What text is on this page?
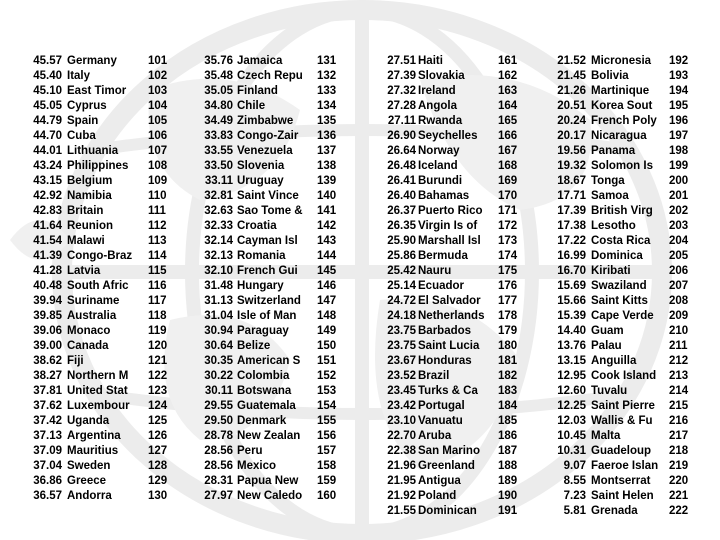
45.57 Germany	101
45.40 Italy	102
45.10 East Timor	103
45.05 Cyprus	104
44.79 Spain	105
44.70 Cuba	106
44.01 Lithuania	107
43.24 Philippines	108
43.15 Belgium	109
42.92 Namibia	110
42.83 Britain	111
41.64 Reunion	112
41.54 Malawi	113
41.39 Congo-Braz	114
41.28 Latvia	115
40.48 South Afric	116
39.94 Suriname	117
39.85 Australia	118
39.06 Monaco	119
39.00 Canada	120
38.62 Fiji	121
38.27 Northern M	122
37.81 United Stat	123
37.62 Luxembour	124
37.42 Uganda	125
37.13 Argentina	126
37.09 Mauritius	127
37.04 Sweden	128
36.86 Greece	129
36.57 Andorra	130
35.76 Jamaica	131
35.48 Czech Repu	132
35.05 Finland	133
34.80 Chile	134
34.49 Zimbabwe	135
33.83 Congo-Zair	136
33.55 Venezuela	137
33.50 Slovenia	138
33.11 Uruguay	139
32.81 Saint Vince	140
32.63 Sao Tome &	141
32.33 Croatia	142
32.14 Cayman Isl	143
32.13 Romania	144
32.10 French Gui	145
31.48 Hungary	146
31.13 Switzerland	147
31.04 Isle of Man	148
30.94 Paraguay	149
30.64 Belize	150
30.35 American S	151
30.22 Colombia	152
30.11 Botswana	153
29.55 Guatemala	154
29.50 Denmark	155
28.78 New Zealan	156
28.56 Peru	157
28.56 Mexico	158
28.31 Papua New	159
27.97 New Caledo	160
27.51 Haiti	161
27.39 Slovakia	162
27.32 Ireland	163
27.28 Angola	164
27.11 Rwanda	165
26.90 Seychelles	166
26.64 Norway	167
26.48 Iceland	168
26.41 Burundi	169
26.40 Bahamas	170
26.37 Puerto Rico	171
26.35 Virgin Is of	172
25.90 Marshall Isl	173
25.86 Bermuda	174
25.42 Nauru	175
25.14 Ecuador	176
24.72 El Salvador	177
24.18 Netherlands	178
23.75 Barbados	179
23.75 Saint Lucia	180
23.67 Honduras	181
23.52 Brazil	182
23.45 Turks & Ca	183
23.42 Portugal	184
23.10 Vanuatu	185
22.70 Aruba	186
22.38 San Marino	187
21.96 Greenland	188
21.95 Antigua	189
21.92 Poland	190
21.55 Dominican	191
21.52 Micronesia	192
21.45 Bolivia	193
21.26 Martinique	194
20.51 Korea Sout	195
20.24 French Poly	196
20.17 Nicaragua	197
19.56 Panama	198
19.32 Solomon Is	199
18.67 Tonga	200
17.71 Samoa	201
17.39 British Virg	202
17.38 Lesotho	203
17.22 Costa Rica	204
16.99 Dominica	205
16.70 Kiribati	206
15.69 Swaziland	207
15.66 Saint Kitts	208
15.39 Cape Verde	209
14.40 Guam	210
13.76 Palau	211
13.15 Anguilla	212
12.95 Cook Island	213
12.60 Tuvalu	214
12.25 Saint Pierre	215
12.03 Wallis & Fu	216
10.45 Malta	217
10.31 Guadeloup	218
9.07 Faeroe Islan 219
8.55 Montserrat	220
7.23 Saint Helen	221
5.81 Grenada	222
